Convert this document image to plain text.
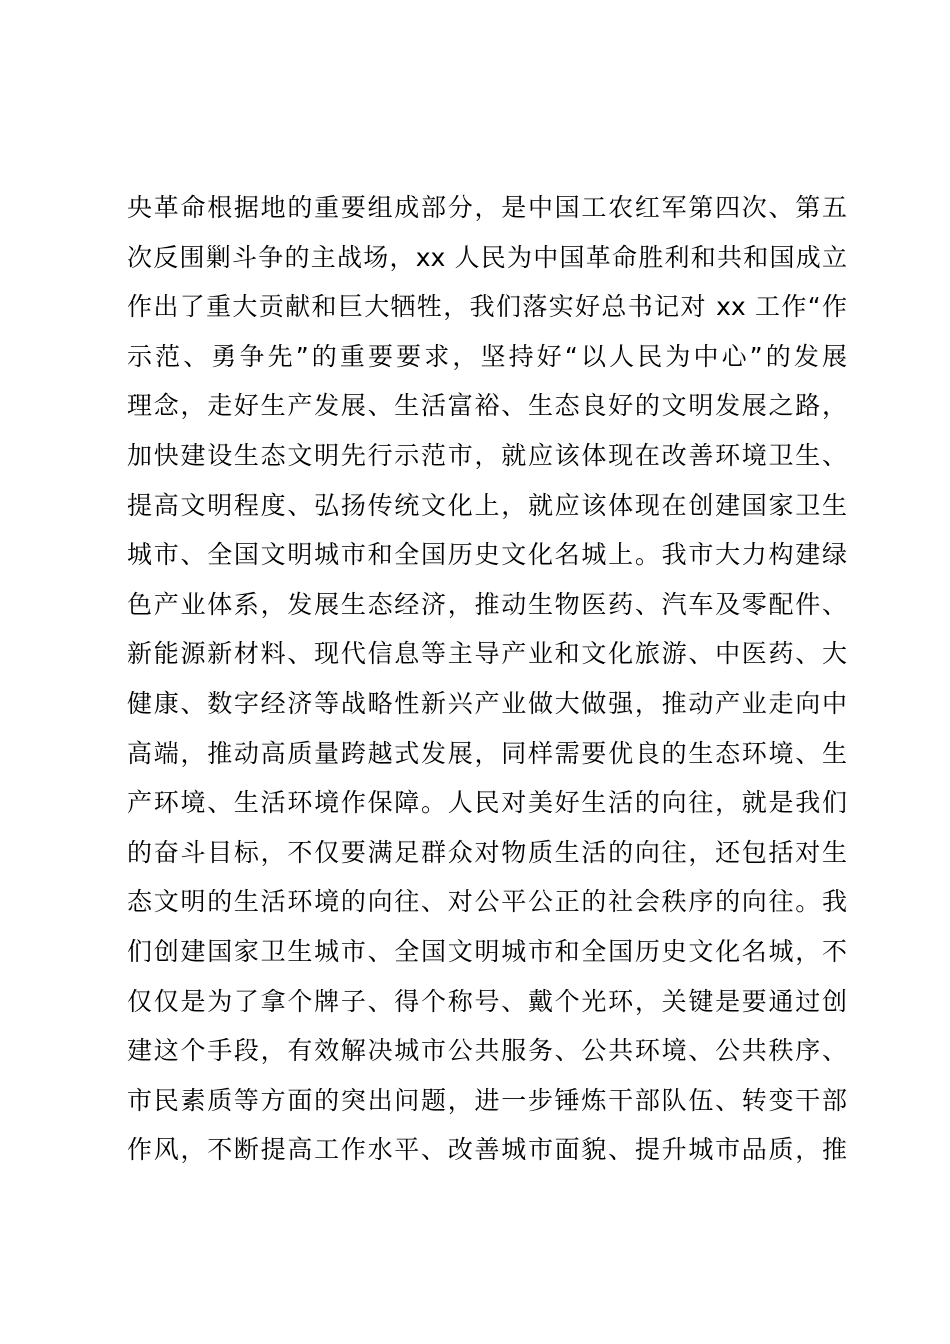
央革命根据地的重要组成部分，是中国工农红军第四次、第五
次反围剿斗争的主战场，xx 人民为中国革命胜利和共和国成立
作出了重大贡献和巨大牺牲，我们落实好总书记对 xx 工作“作
示范、勇争先”的重要要求，坚持好“以人民为中心”的发展
理念，走好生产发展、生活富裕、生态良好的文明发展之路，
加快建设生态文明先行示范市，就应该体现在改善环境卫生、
提高文明程度、弘扬传统文化上，就应该体现在创建国家卫生
城市、全国文明城市和全国历史文化名城上。我市大力构建绿
色产业体系，发展生态经济，推动生物医药、汽车及零配件、
新能源新材料、现代信息等主导产业和文化旅游、中医药、大
健康、数字经济等战略性新兴产业做大做强，推动产业走向中
高端，推动高质量跨越式发展，同样需要优良的生态环境、生
产环境、生活环境作保障。人民对美好生活的向往，就是我们
的奋斗目标，不仅要满足群众对物质生活的向往，还包括对生
态文明的生活环境的向往、对公平公正的社会秩序的向往。我
们创建国家卫生城市、全国文明城市和全国历史文化名城，不
仅仅是为了拿个牌子、得个称号、戴个光环，关键是要通过创
建这个手段，有效解决城市公共服务、公共环境、公共秩序、
市民素质等方面的突出问题，进一步锤炼干部队伍、转变干部
作风，不断提高工作水平、改善城市面貌、提升城市品质，推
